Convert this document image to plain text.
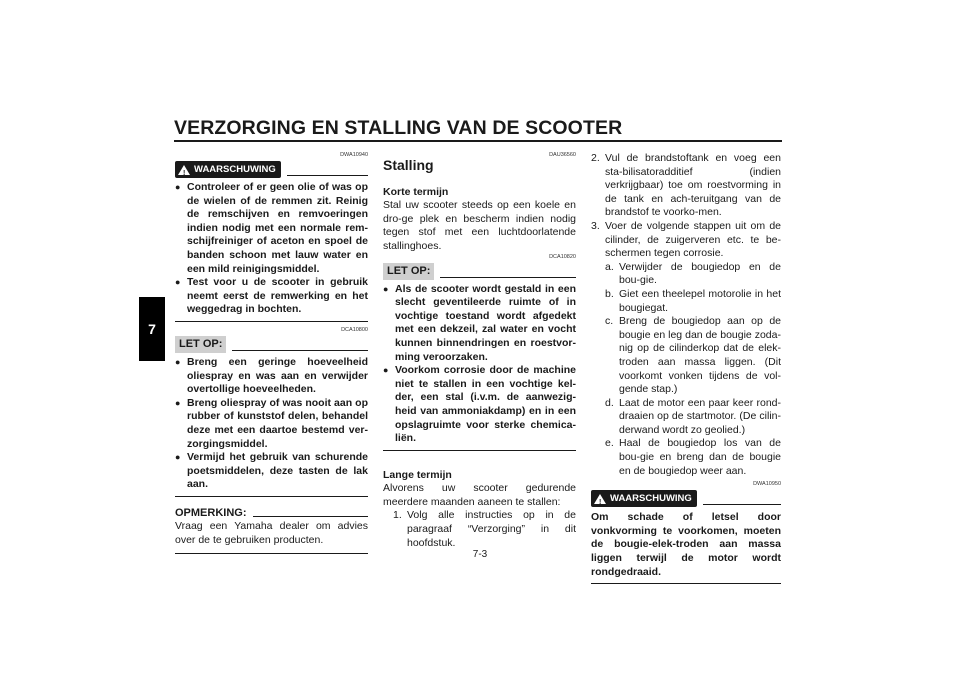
VERZORGING EN STALLING VAN DE SCOOTER
7
DWA10940
! WAARSCHUWING
● Controleer of er geen olie of was op de wielen of de remmen zit. Reinig de remschijven en remvoeringen indien nodig met een normale rem-schijfreiniger of aceton en spoel de banden schoon met lauw water en een mild reinigingsmiddel.
● Test voor u de scooter in gebruik neemt eerst de remwerking en het weggedrag in bochten.
DCA10800
LET OP:
● Breng een geringe hoeveelheid oliespray en was aan en verwijder overtollige hoeveelheden.
● Breng oliespray of was nooit aan op rubber of kunststof delen, behandel deze met een daartoe bestemd ver-zorgingsmiddel.
● Vermijd het gebruik van schurende poetsmiddelen, deze tasten de lak aan.
OPMERKING:

Vraag een Yamaha dealer om advies over de te gebruiken producten.

DAU36560
Stalling
Korte termijn

Stal uw scooter steeds op een koele en dro-ge plek en bescherm indien nodig tegen stof met een luchtdoorlatende stallinghoes.

DCA10820
LET OP:
● Als de scooter wordt gestald in een slecht geventileerde ruimte of in vochtige toestand wordt afgedekt met een dekzeil, zal water en vocht kunnen binnendringen en roestvor-ming veroorzaken.
● Voorkom corrosie door de machine niet te stallen in een vochtige kel-der, een stal (i.v.m. de aanwezig-heid van ammoniakdamp) en in een opslagruimte voor sterke chemica-liën.
Lange termijn

Alvorens uw scooter gedurende meerdere maanden aaneen te stallen:

1. Volg alle instructies op in de paragraaf “Verzorging” in dit hoofdstuk.
2. Vul de brandstoftank en voeg een sta-bilisatoradditief (indien verkrijgbaar) toe om roestvorming in de tank en ach-teruitgang van de brandstof te voorko-men.
3. Voer de volgende stappen uit om de cilinder, de zuigerveren etc. te be-schermen tegen corrosie.
a. Verwijder de bougiedop en de bou-gie.
b. Giet een theelepel motorolie in het bougiegat.
c. Breng de bougiedop aan op de bougie en leg dan de bougie zoda-nig op de cilinderkop dat de elek-troden aan massa liggen. (Dit voorkomt vonken tijdens de vol-gende stap.)
d. Laat de motor een paar keer rond-draaien op de startmotor. (De cilin-derwand wordt zo geolied.)
e. Haal de bougiedop los van de bou-gie en breng dan de bougie en de bougiedop weer aan.
DWA10950
! WAARSCHUWING

Om schade of letsel door vonkvorming te voorkomen, moeten de bougie-elek-troden aan massa liggen terwijl de motor wordt rondgedraaid.

7-3
